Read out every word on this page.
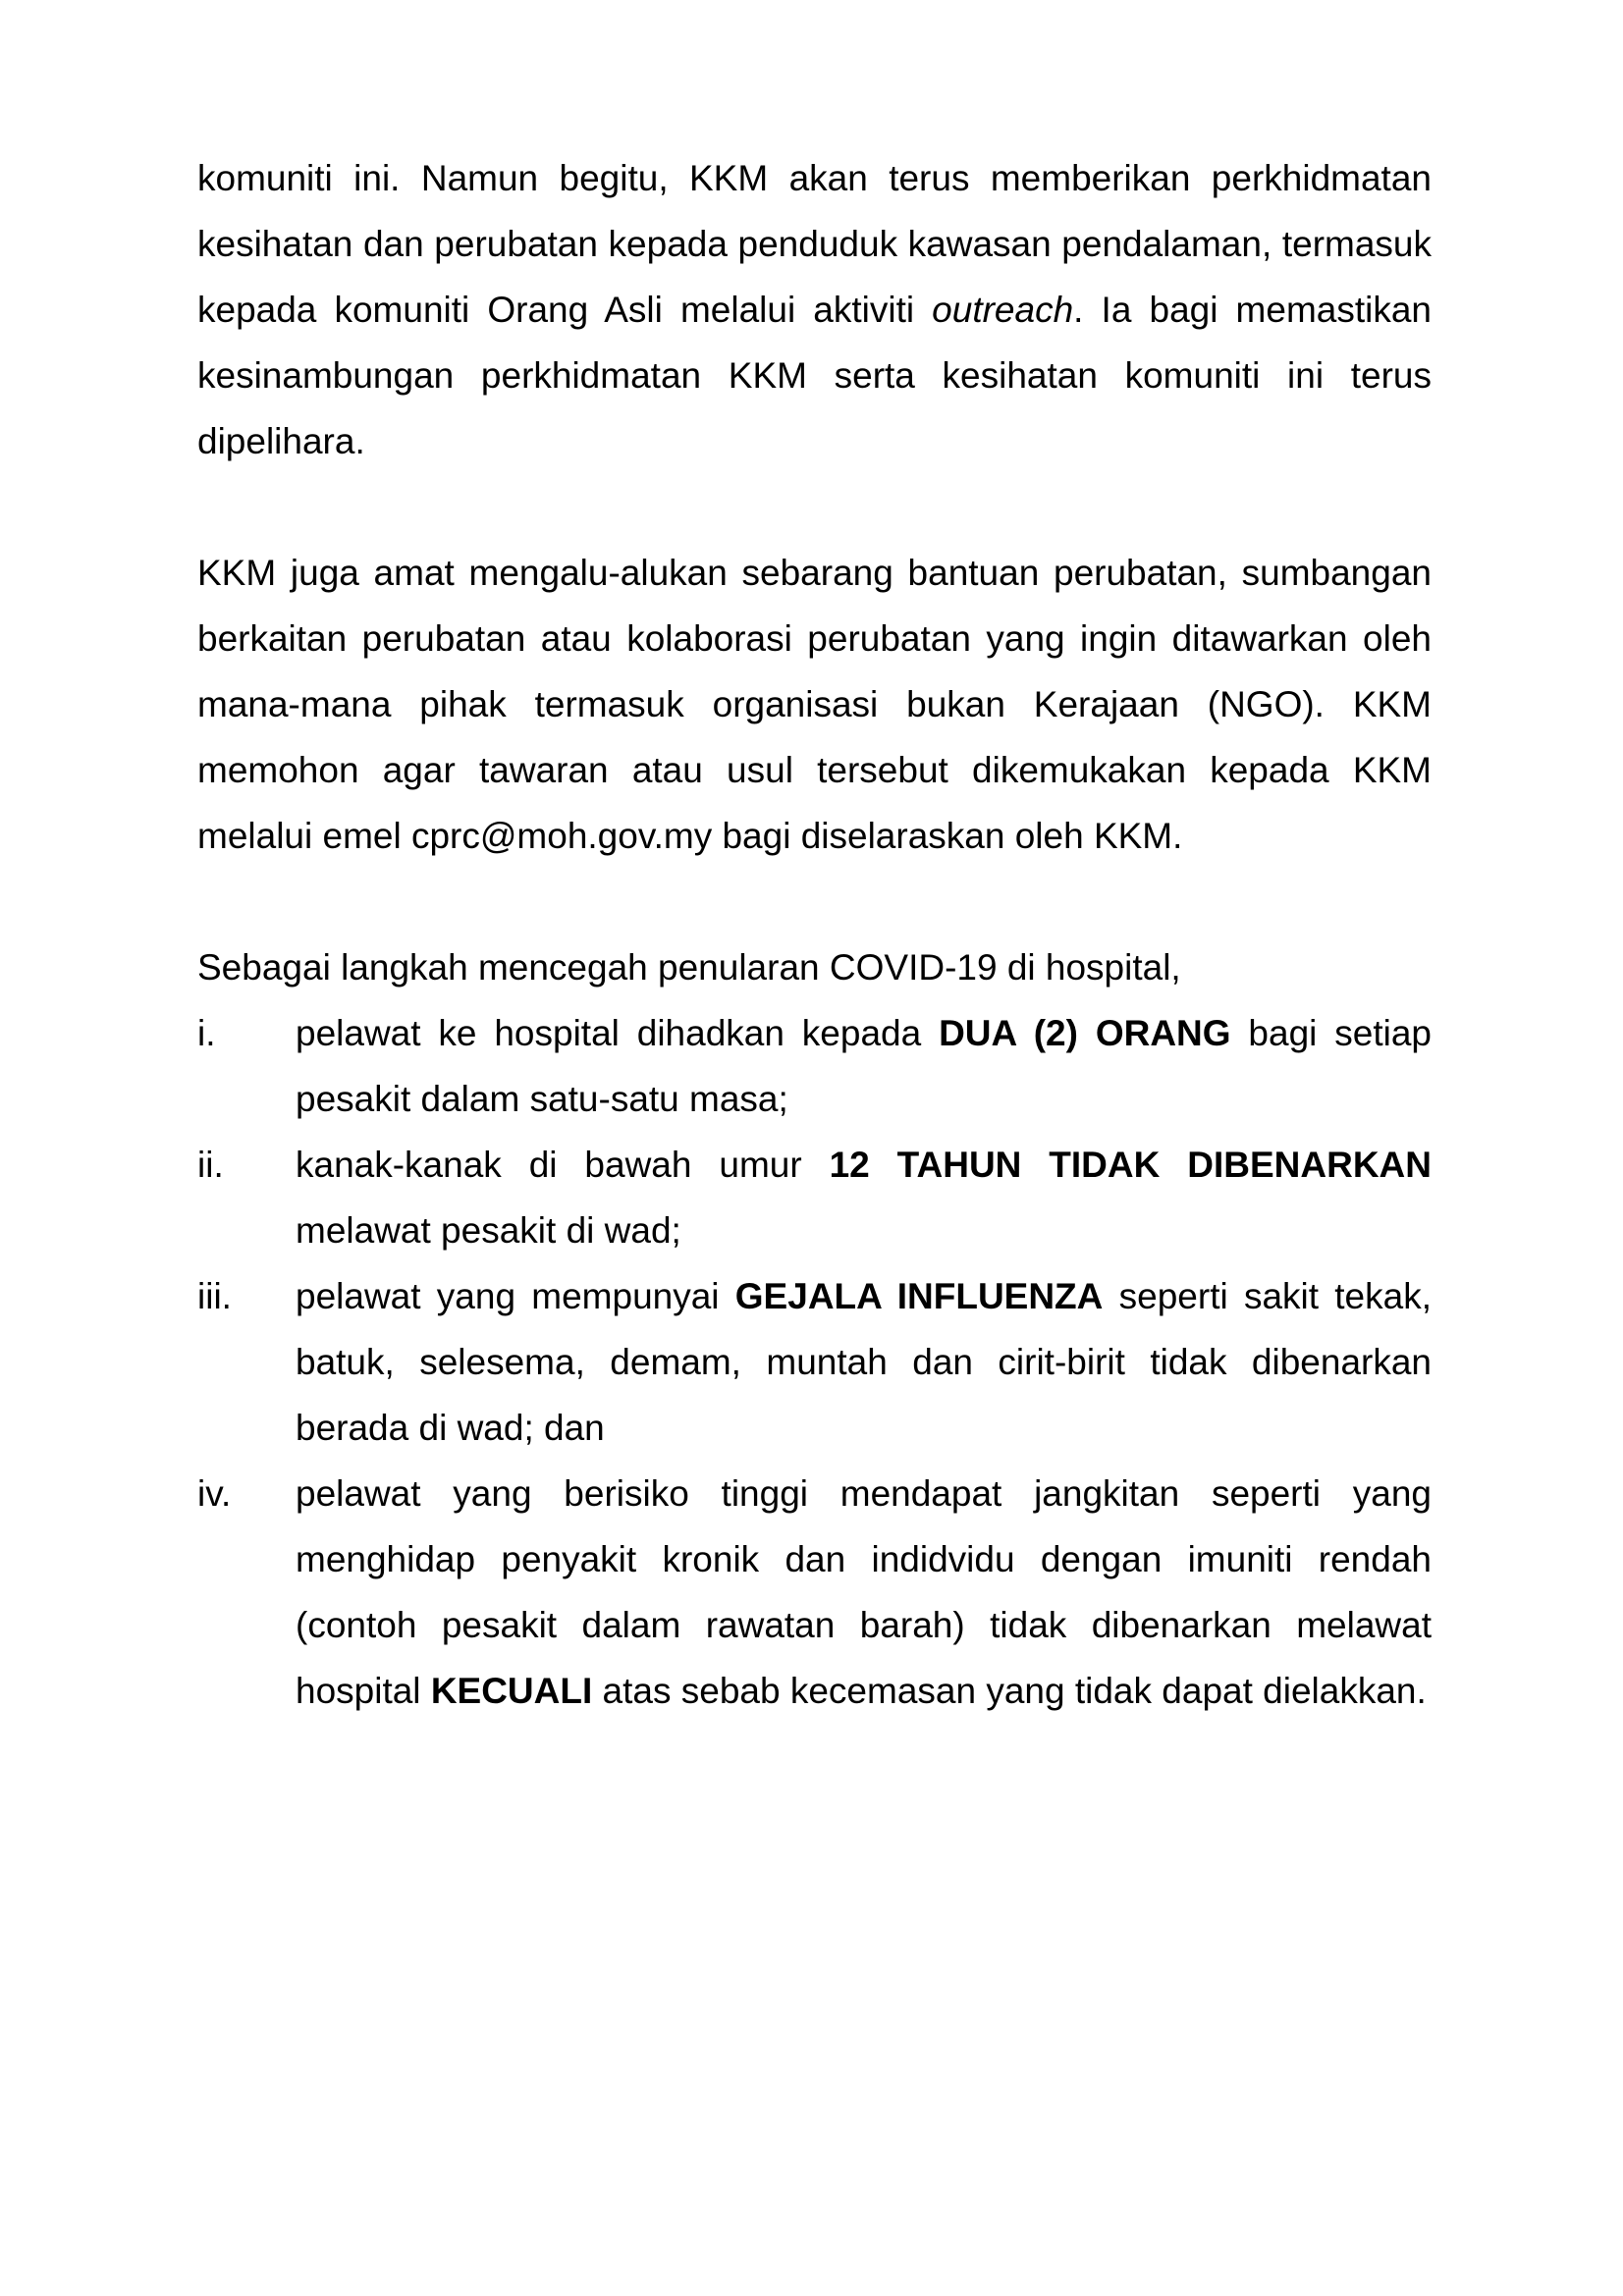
komuniti ini. Namun begitu, KKM akan terus memberikan perkhidmatan kesihatan dan perubatan kepada penduduk kawasan pendalaman, termasuk kepada komuniti Orang Asli melalui aktiviti outreach. Ia bagi memastikan kesinambungan perkhidmatan KKM serta kesihatan komuniti ini terus dipelihara.

KKM juga amat mengalu-alukan sebarang bantuan perubatan, sumbangan berkaitan perubatan atau kolaborasi perubatan yang ingin ditawarkan oleh mana-mana pihak termasuk organisasi bukan Kerajaan (NGO). KKM memohon agar tawaran atau usul tersebut dikemukakan kepada KKM melalui emel cprc@moh.gov.my bagi diselaraskan oleh KKM.

Sebagai langkah mencegah penularan COVID-19 di hospital,

i.	pelawat ke hospital dihadkan kepada DUA (2) ORANG bagi setiap pesakit dalam satu-satu masa;
ii.	kanak-kanak di bawah umur 12 TAHUN TIDAK DIBENARKAN melawat pesakit di wad;
iii.	pelawat yang mempunyai GEJALA INFLUENZA seperti sakit tekak, batuk, selesema, demam, muntah dan cirit-birit tidak dibenarkan berada di wad; dan
iv.	pelawat yang berisiko tinggi mendapat jangkitan seperti yang menghidap penyakit kronik dan indidvidu dengan imuniti rendah (contoh pesakit dalam rawatan barah) tidak dibenarkan melawat hospital KECUALI atas sebab kecemasan yang tidak dapat dielakkan.
